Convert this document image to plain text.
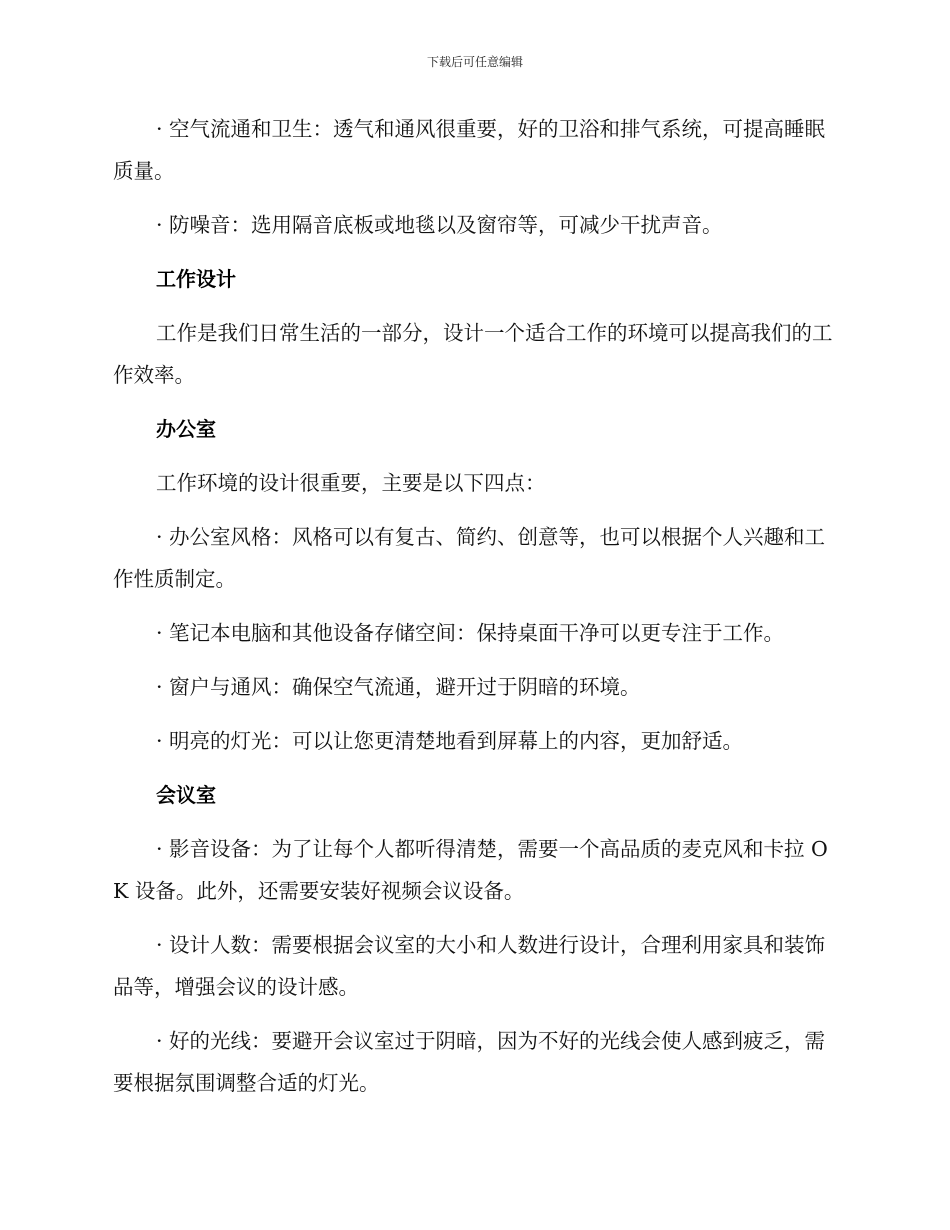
下载后可任意编辑

· 空气流通和卫生：透气和通风很重要，好的卫浴和排气系统，可提高睡眠质量。

· 防噪音：选用隔音底板或地毯以及窗帘等，可减少干扰声音。

工作设计

工作是我们日常生活的一部分，设计一个适合工作的环境可以提高我们的工作效率。

办公室

工作环境的设计很重要，主要是以下四点：

· 办公室风格：风格可以有复古、简约、创意等，也可以根据个人兴趣和工作性质制定。

· 笔记本电脑和其他设备存储空间：保持桌面干净可以更专注于工作。

· 窗户与通风：确保空气流通，避开过于阴暗的环境。

· 明亮的灯光：可以让您更清楚地看到屏幕上的内容，更加舒适。

会议室

· 影音设备：为了让每个人都听得清楚，需要一个高品质的麦克风和卡拉 OK 设备。此外，还需要安装好视频会议设备。

· 设计人数：需要根据会议室的大小和人数进行设计，合理利用家具和装饰品等，增强会议的设计感。

· 好的光线：要避开会议室过于阴暗，因为不好的光线会使人感到疲乏，需要根据氛围调整合适的灯光。
